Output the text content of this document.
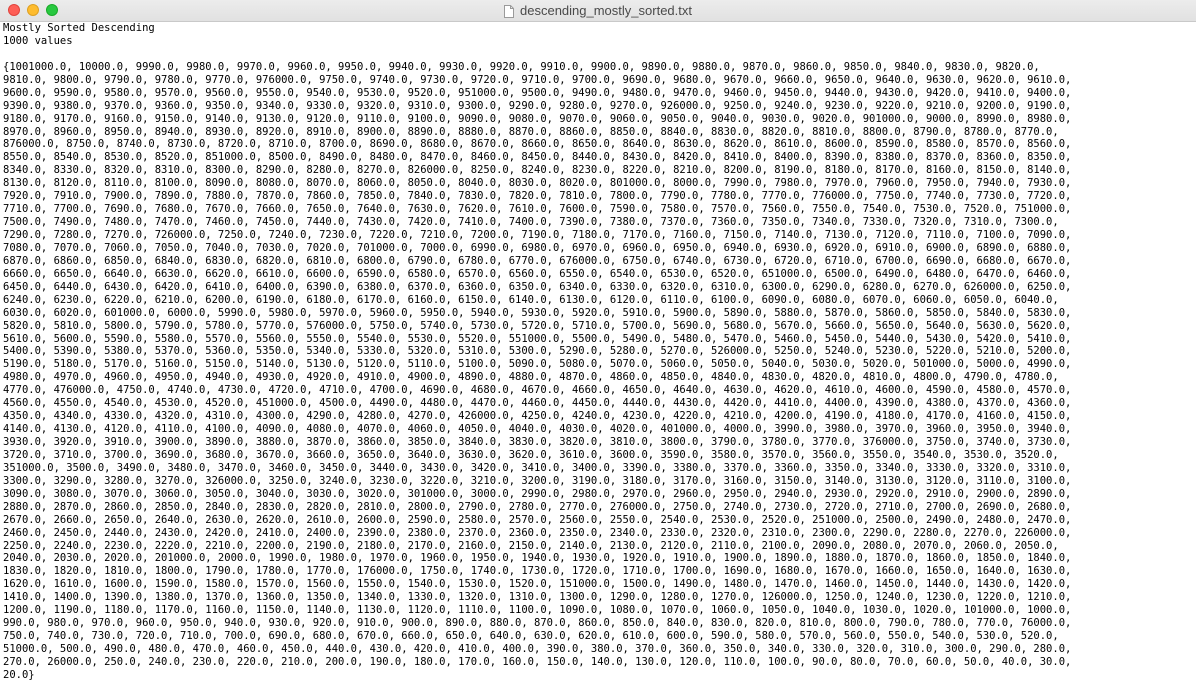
descending_mostly_sorted.txt
Mostly Sorted Descending
1000 values
{1001000.0, 10000.0, 9990.0, 9980.0, 9970.0, 9960.0, 9950.0, 9940.0, 9930.0, 9920.0, 9910.0, 9900.0, 9890.0, 9880.0, 9870.0, 9860.0, 9850.0, 9840.0, 9830.0, 9820.0,
9810.0, 9800.0, 9790.0, 9780.0, 9770.0, 976000.0, 9750.0, 9740.0, 9730.0, 9720.0, 9710.0, 9700.0, 9690.0, 9680.0, 9670.0, 9660.0, 9650.0, 9640.0, 9630.0, 9620.0, 9610.0,
9600.0, 9590.0, 9580.0, 9570.0, 9560.0, 9550.0, 9540.0, 9530.0, 9520.0, 951000.0, 9500.0, 9490.0, 9480.0, 9470.0, 9460.0, 9450.0, 9440.0, 9430.0, 9420.0, 9410.0, 9400.0,
9390.0, 9380.0, 9370.0, 9360.0, 9350.0, 9340.0, 9330.0, 9320.0, 9310.0, 9300.0, 9290.0, 9280.0, 9270.0, 926000.0, 9250.0, 9240.0, 9230.0, 9220.0, 9210.0, 9200.0, 9190.0,
9180.0, 9170.0, 9160.0, 9150.0, 9140.0, 9130.0, 9120.0, 9110.0, 9100.0, 9090.0, 9080.0, 9070.0, 9060.0, 9050.0, 9040.0, 9030.0, 9020.0, 901000.0, 9000.0, 8990.0, 8980.0,
8970.0, 8960.0, 8950.0, 8940.0, 8930.0, 8920.0, 8910.0, 8900.0, 8890.0, 8880.0, 8870.0, 8860.0, 8850.0, 8840.0, 8830.0, 8820.0, 8810.0, 8800.0, 8790.0, 8780.0, 8770.0,
876000.0, 8750.0, 8740.0, 8730.0, 8720.0, 8710.0, 8700.0, 8690.0, 8680.0, 8670.0, 8660.0, 8650.0, 8640.0, 8630.0, 8620.0, 8610.0, 8600.0, 8590.0, 8580.0, 8570.0, 8560.0,
8550.0, 8540.0, 8530.0, 8520.0, 851000.0, 8500.0, 8490.0, 8480.0, 8470.0, 8460.0, 8450.0, 8440.0, 8430.0, 8420.0, 8410.0, 8400.0, 8390.0, 8380.0, 8370.0, 8360.0, 8350.0,
8340.0, 8330.0, 8320.0, 8310.0, 8300.0, 8290.0, 8280.0, 8270.0, 826000.0, 8250.0, 8240.0, 8230.0, 8220.0, 8210.0, 8200.0, 8190.0, 8180.0, 8170.0, 8160.0, 8150.0, 8140.0,
8130.0, 8120.0, 8110.0, 8100.0, 8090.0, 8080.0, 8070.0, 8060.0, 8050.0, 8040.0, 8030.0, 8020.0, 801000.0, 8000.0, 7990.0, 7980.0, 7970.0, 7960.0, 7950.0, 7940.0, 7930.0,
7920.0, 7910.0, 7900.0, 7890.0, 7880.0, 7870.0, 7860.0, 7850.0, 7840.0, 7830.0, 7820.0, 7810.0, 7800.0, 7790.0, 7780.0, 7770.0, 776000.0, 7750.0, 7740.0, 7730.0, 7720.0,
7710.0, 7700.0, 7690.0, 7680.0, 7670.0, 7660.0, 7650.0, 7640.0, 7630.0, 7620.0, 7610.0, 7600.0, 7590.0, 7580.0, 7570.0, 7560.0, 7550.0, 7540.0, 7530.0, 7520.0, 751000.0,
7500.0, 7490.0, 7480.0, 7470.0, 7460.0, 7450.0, 7440.0, 7430.0, 7420.0, 7410.0, 7400.0, 7390.0, 7380.0, 7370.0, 7360.0, 7350.0, 7340.0, 7330.0, 7320.0, 7310.0, 7300.0,
7290.0, 7280.0, 7270.0, 726000.0, 7250.0, 7240.0, 7230.0, 7220.0, 7210.0, 7200.0, 7190.0, 7180.0, 7170.0, 7160.0, 7150.0, 7140.0, 7130.0, 7120.0, 7110.0, 7100.0, 7090.0,
7080.0, 7070.0, 7060.0, 7050.0, 7040.0, 7030.0, 7020.0, 701000.0, 7000.0, 6990.0, 6980.0, 6970.0, 6960.0, 6950.0, 6940.0, 6930.0, 6920.0, 6910.0, 6900.0, 6890.0, 6880.0,
6870.0, 6860.0, 6850.0, 6840.0, 6830.0, 6820.0, 6810.0, 6800.0, 6790.0, 6780.0, 6770.0, 676000.0, 6750.0, 6740.0, 6730.0, 6720.0, 6710.0, 6700.0, 6690.0, 6680.0, 6670.0,
6660.0, 6650.0, 6640.0, 6630.0, 6620.0, 6610.0, 6600.0, 6590.0, 6580.0, 6570.0, 6560.0, 6550.0, 6540.0, 6530.0, 6520.0, 651000.0, 6500.0, 6490.0, 6480.0, 6470.0, 6460.0,
6450.0, 6440.0, 6430.0, 6420.0, 6410.0, 6400.0, 6390.0, 6380.0, 6370.0, 6360.0, 6350.0, 6340.0, 6330.0, 6320.0, 6310.0, 6300.0, 6290.0, 6280.0, 6270.0, 626000.0, 6250.0,
6240.0, 6230.0, 6220.0, 6210.0, 6200.0, 6190.0, 6180.0, 6170.0, 6160.0, 6150.0, 6140.0, 6130.0, 6120.0, 6110.0, 6100.0, 6090.0, 6080.0, 6070.0, 6060.0, 6050.0, 6040.0,
6030.0, 6020.0, 601000.0, 6000.0, 5990.0, 5980.0, 5970.0, 5960.0, 5950.0, 5940.0, 5930.0, 5920.0, 5910.0, 5900.0, 5890.0, 5880.0, 5870.0, 5860.0, 5850.0, 5840.0, 5830.0,
5820.0, 5810.0, 5800.0, 5790.0, 5780.0, 5770.0, 576000.0, 5750.0, 5740.0, 5730.0, 5720.0, 5710.0, 5700.0, 5690.0, 5680.0, 5670.0, 5660.0, 5650.0, 5640.0, 5630.0, 5620.0,
5610.0, 5600.0, 5590.0, 5580.0, 5570.0, 5560.0, 5550.0, 5540.0, 5530.0, 5520.0, 551000.0, 5500.0, 5490.0, 5480.0, 5470.0, 5460.0, 5450.0, 5440.0, 5430.0, 5420.0, 5410.0,
5400.0, 5390.0, 5380.0, 5370.0, 5360.0, 5350.0, 5340.0, 5330.0, 5320.0, 5310.0, 5300.0, 5290.0, 5280.0, 5270.0, 526000.0, 5250.0, 5240.0, 5230.0, 5220.0, 5210.0, 5200.0,
5190.0, 5180.0, 5170.0, 5160.0, 5150.0, 5140.0, 5130.0, 5120.0, 5110.0, 5100.0, 5090.0, 5080.0, 5070.0, 5060.0, 5050.0, 5040.0, 5030.0, 5020.0, 501000.0, 5000.0, 4990.0,
4980.0, 4970.0, 4960.0, 4950.0, 4940.0, 4930.0, 4920.0, 4910.0, 4900.0, 4890.0, 4880.0, 4870.0, 4860.0, 4850.0, 4840.0, 4830.0, 4820.0, 4810.0, 4800.0, 4790.0, 4780.0,
4770.0, 476000.0, 4750.0, 4740.0, 4730.0, 4720.0, 4710.0, 4700.0, 4690.0, 4680.0, 4670.0, 4660.0, 4650.0, 4640.0, 4630.0, 4620.0, 4610.0, 4600.0, 4590.0, 4580.0, 4570.0,
4560.0, 4550.0, 4540.0, 4530.0, 4520.0, 451000.0, 4500.0, 4490.0, 4480.0, 4470.0, 4460.0, 4450.0, 4440.0, 4430.0, 4420.0, 4410.0, 4400.0, 4390.0, 4380.0, 4370.0, 4360.0,
4350.0, 4340.0, 4330.0, 4320.0, 4310.0, 4300.0, 4290.0, 4280.0, 4270.0, 426000.0, 4250.0, 4240.0, 4230.0, 4220.0, 4210.0, 4200.0, 4190.0, 4180.0, 4170.0, 4160.0, 4150.0,
4140.0, 4130.0, 4120.0, 4110.0, 4100.0, 4090.0, 4080.0, 4070.0, 4060.0, 4050.0, 4040.0, 4030.0, 4020.0, 401000.0, 4000.0, 3990.0, 3980.0, 3970.0, 3960.0, 3950.0, 3940.0,
3930.0, 3920.0, 3910.0, 3900.0, 3890.0, 3880.0, 3870.0, 3860.0, 3850.0, 3840.0, 3830.0, 3820.0, 3810.0, 3800.0, 3790.0, 3780.0, 3770.0, 376000.0, 3750.0, 3740.0, 3730.0,
3720.0, 3710.0, 3700.0, 3690.0, 3680.0, 3670.0, 3660.0, 3650.0, 3640.0, 3630.0, 3620.0, 3610.0, 3600.0, 3590.0, 3580.0, 3570.0, 3560.0, 3550.0, 3540.0, 3530.0, 3520.0,
351000.0, 3500.0, 3490.0, 3480.0, 3470.0, 3460.0, 3450.0, 3440.0, 3430.0, 3420.0, 3410.0, 3400.0, 3390.0, 3380.0, 3370.0, 3360.0, 3350.0, 3340.0, 3330.0, 3320.0, 3310.0,
3300.0, 3290.0, 3280.0, 3270.0, 326000.0, 3250.0, 3240.0, 3230.0, 3220.0, 3210.0, 3200.0, 3190.0, 3180.0, 3170.0, 3160.0, 3150.0, 3140.0, 3130.0, 3120.0, 3110.0, 3100.0,
3090.0, 3080.0, 3070.0, 3060.0, 3050.0, 3040.0, 3030.0, 3020.0, 301000.0, 3000.0, 2990.0, 2980.0, 2970.0, 2960.0, 2950.0, 2940.0, 2930.0, 2920.0, 2910.0, 2900.0, 2890.0,
2880.0, 2870.0, 2860.0, 2850.0, 2840.0, 2830.0, 2820.0, 2810.0, 2800.0, 2790.0, 2780.0, 2770.0, 276000.0, 2750.0, 2740.0, 2730.0, 2720.0, 2710.0, 2700.0, 2690.0, 2680.0,
2670.0, 2660.0, 2650.0, 2640.0, 2630.0, 2620.0, 2610.0, 2600.0, 2590.0, 2580.0, 2570.0, 2560.0, 2550.0, 2540.0, 2530.0, 2520.0, 251000.0, 2500.0, 2490.0, 2480.0, 2470.0,
2460.0, 2450.0, 2440.0, 2430.0, 2420.0, 2410.0, 2400.0, 2390.0, 2380.0, 2370.0, 2360.0, 2350.0, 2340.0, 2330.0, 2320.0, 2310.0, 2300.0, 2290.0, 2280.0, 2270.0, 226000.0,
2250.0, 2240.0, 2230.0, 2220.0, 2210.0, 2200.0, 2190.0, 2180.0, 2170.0, 2160.0, 2150.0, 2140.0, 2130.0, 2120.0, 2110.0, 2100.0, 2090.0, 2080.0, 2070.0, 2060.0, 2050.0,
2040.0, 2030.0, 2020.0, 201000.0, 2000.0, 1990.0, 1980.0, 1970.0, 1960.0, 1950.0, 1940.0, 1930.0, 1920.0, 1910.0, 1900.0, 1890.0, 1880.0, 1870.0, 1860.0, 1850.0, 1840.0,
1830.0, 1820.0, 1810.0, 1800.0, 1790.0, 1780.0, 1770.0, 176000.0, 1750.0, 1740.0, 1730.0, 1720.0, 1710.0, 1700.0, 1690.0, 1680.0, 1670.0, 1660.0, 1650.0, 1640.0, 1630.0,
1620.0, 1610.0, 1600.0, 1590.0, 1580.0, 1570.0, 1560.0, 1550.0, 1540.0, 1530.0, 1520.0, 151000.0, 1500.0, 1490.0, 1480.0, 1470.0, 1460.0, 1450.0, 1440.0, 1430.0, 1420.0,
1410.0, 1400.0, 1390.0, 1380.0, 1370.0, 1360.0, 1350.0, 1340.0, 1330.0, 1320.0, 1310.0, 1300.0, 1290.0, 1280.0, 1270.0, 126000.0, 1250.0, 1240.0, 1230.0, 1220.0, 1210.0,
1200.0, 1190.0, 1180.0, 1170.0, 1160.0, 1150.0, 1140.0, 1130.0, 1120.0, 1110.0, 1100.0, 1090.0, 1080.0, 1070.0, 1060.0, 1050.0, 1040.0, 1030.0, 1020.0, 101000.0, 1000.0,
990.0, 980.0, 970.0, 960.0, 950.0, 940.0, 930.0, 920.0, 910.0, 900.0, 890.0, 880.0, 870.0, 860.0, 850.0, 840.0, 830.0, 820.0, 810.0, 800.0, 790.0, 780.0, 770.0, 76000.0,
750.0, 740.0, 730.0, 720.0, 710.0, 700.0, 690.0, 680.0, 670.0, 660.0, 650.0, 640.0, 630.0, 620.0, 610.0, 600.0, 590.0, 580.0, 570.0, 560.0, 550.0, 540.0, 530.0, 520.0,
51000.0, 500.0, 490.0, 480.0, 470.0, 460.0, 450.0, 440.0, 430.0, 420.0, 410.0, 400.0, 390.0, 380.0, 370.0, 360.0, 350.0, 340.0, 330.0, 320.0, 310.0, 300.0, 290.0, 280.0,
270.0, 26000.0, 250.0, 240.0, 230.0, 220.0, 210.0, 200.0, 190.0, 180.0, 170.0, 160.0, 150.0, 140.0, 130.0, 120.0, 110.0, 100.0, 90.0, 80.0, 70.0, 60.0, 50.0, 40.0, 30.0,
20.0}
